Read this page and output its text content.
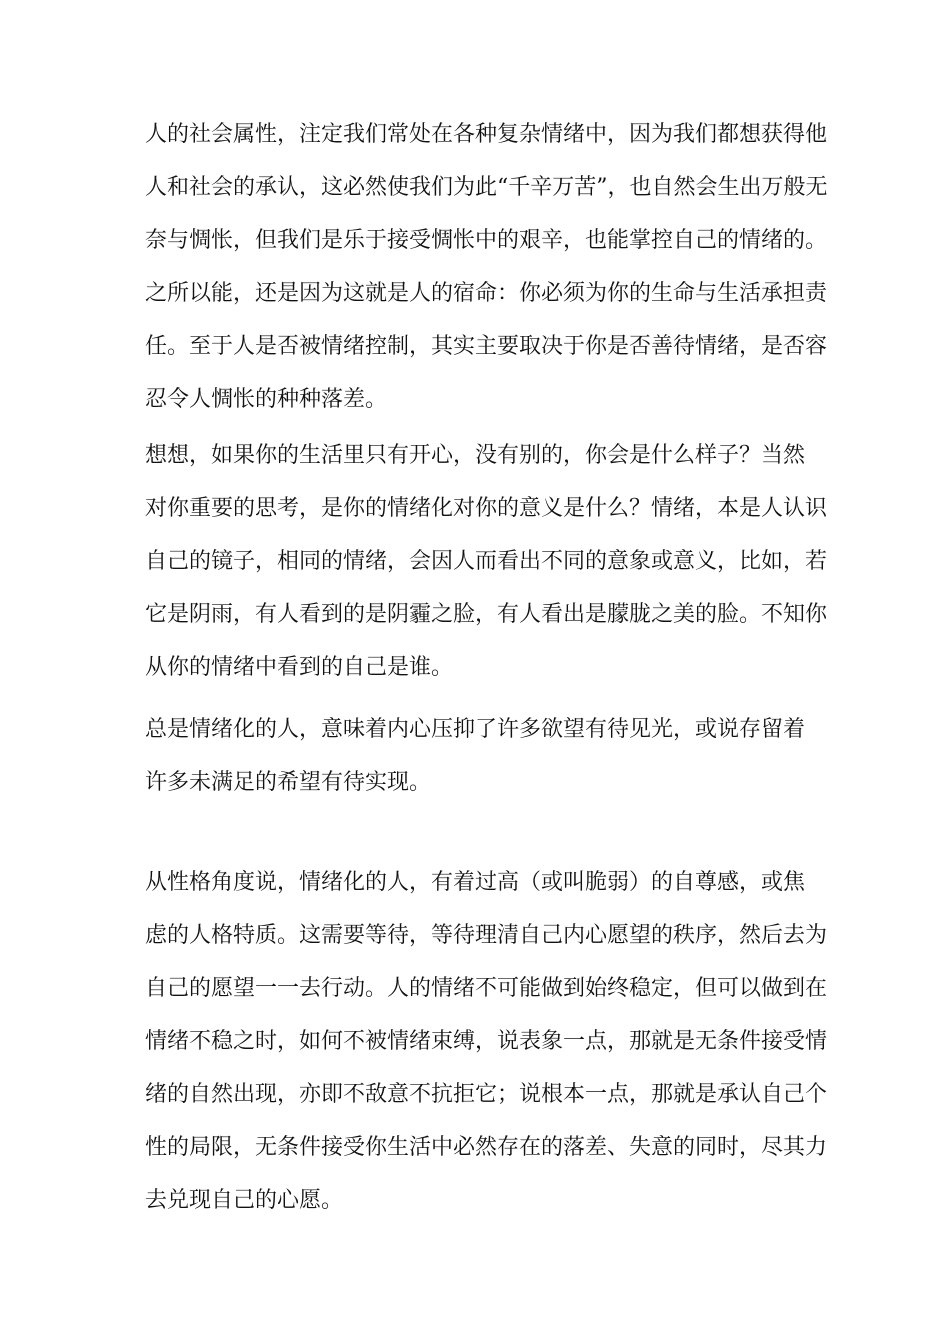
人的社会属性，注定我们常处在各种复杂情绪中，因为我们都想获得他
人和社会的承认，这必然使我们为此“千辛万苦”，也自然会生出万般无
奈与惆怅，但我们是乐于接受惆怅中的艰辛，也能掌控自己的情绪的。
之所以能，还是因为这就是人的宿命：你必须为你的生命与生活承担责
任。至于人是否被情绪控制，其实主要取决于你是否善待情绪，是否容
忍令人惆怅的种种落差。
想想，如果你的生活里只有开心，没有别的，你会是什么样子？当然
对你重要的思考，是你的情绪化对你的意义是什么？情绪，本是人认识
自己的镜子，相同的情绪，会因人而看出不同的意象或意义，比如，若
它是阴雨，有人看到的是阴霾之脸，有人看出是朦胧之美的脸。不知你
从你的情绪中看到的自己是谁。
总是情绪化的人，意味着内心压抑了许多欲望有待见光，或说存留着
许多未满足的希望有待实现。
从性格角度说，情绪化的人，有着过高（或叫脆弱）的自尊感，或焦
虑的人格特质。这需要等待，等待理清自己内心愿望的秩序，然后去为
自己的愿望一一去行动。人的情绪不可能做到始终稳定，但可以做到在
情绪不稳之时，如何不被情绪束缚，说表象一点，那就是无条件接受情
绪的自然出现，亦即不敌意不抗拒它；说根本一点，那就是承认自己个
性的局限，无条件接受你生活中必然存在的落差、失意的同时，尽其力
去兑现自己的心愿。
